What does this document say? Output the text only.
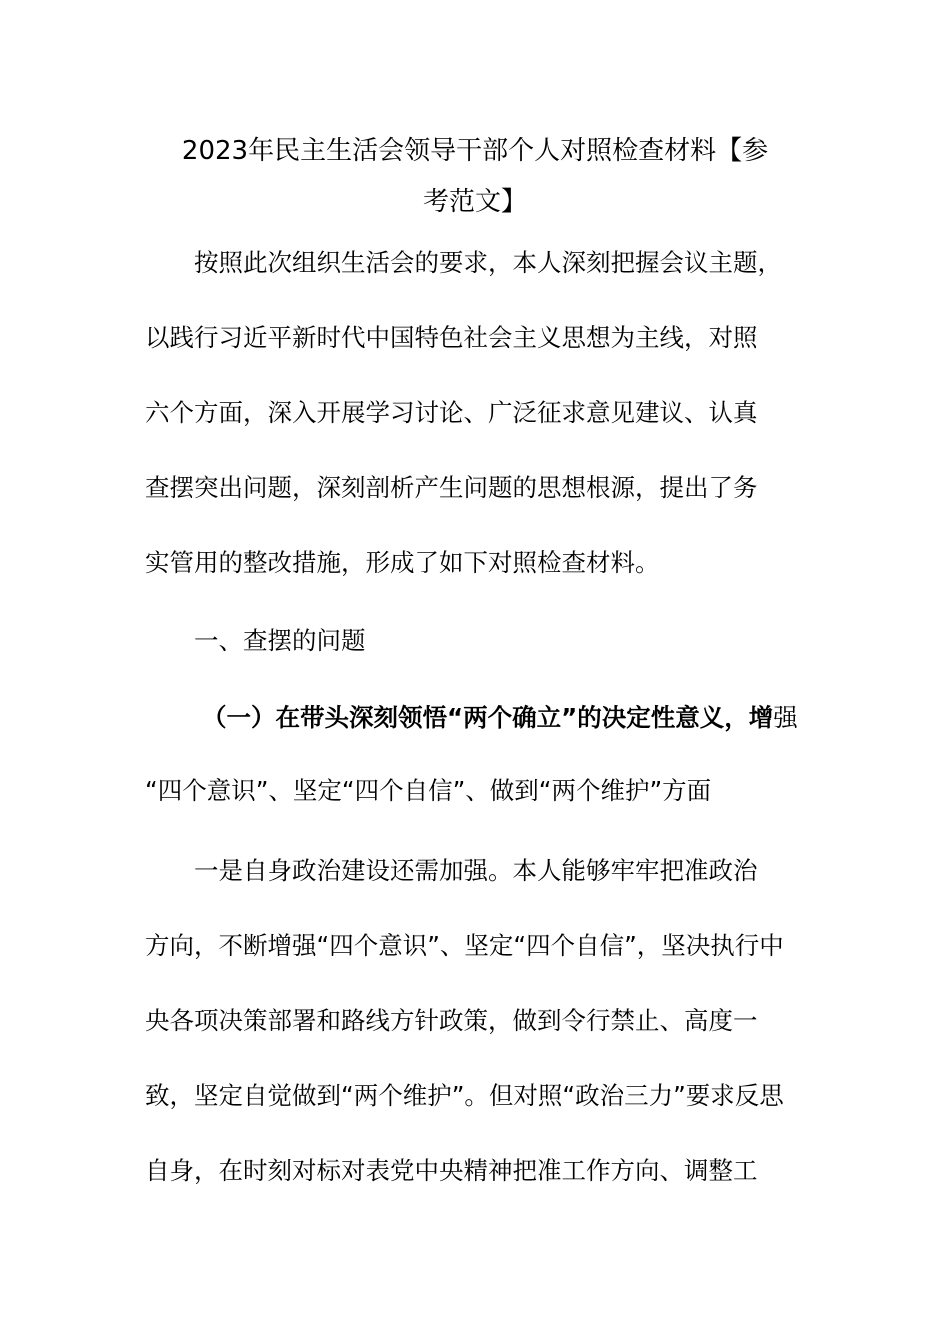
2023年民主生活会领导干部个人对照检查材料【参
考范文】
按照此次组织生活会的要求，本人深刻把握会议主题，
以践行习近平新时代中国特色社会主义思想为主线，对照
六个方面，深入开展学习讨论、广泛征求意见建议、认真
查摆突出问题，深刻剖析产生问题的思想根源，提出了务
实管用的整改措施，形成了如下对照检查材料。
一、查摆的问题
（一）在带头深刻领悟“两个确立”的决定性意义，增强
“四个意识”、坚定“四个自信”、做到“两个维护”方面
一是自身政治建设还需加强。本人能够牢牢把准政治
方向，不断增强“四个意识”、坚定“四个自信”，坚决执行中
央各项决策部署和路线方针政策，做到令行禁止、高度一
致，坚定自觉做到“两个维护”。但对照“政治三力”要求反思
自身，在时刻对标对表党中央精神把准工作方向、调整工
